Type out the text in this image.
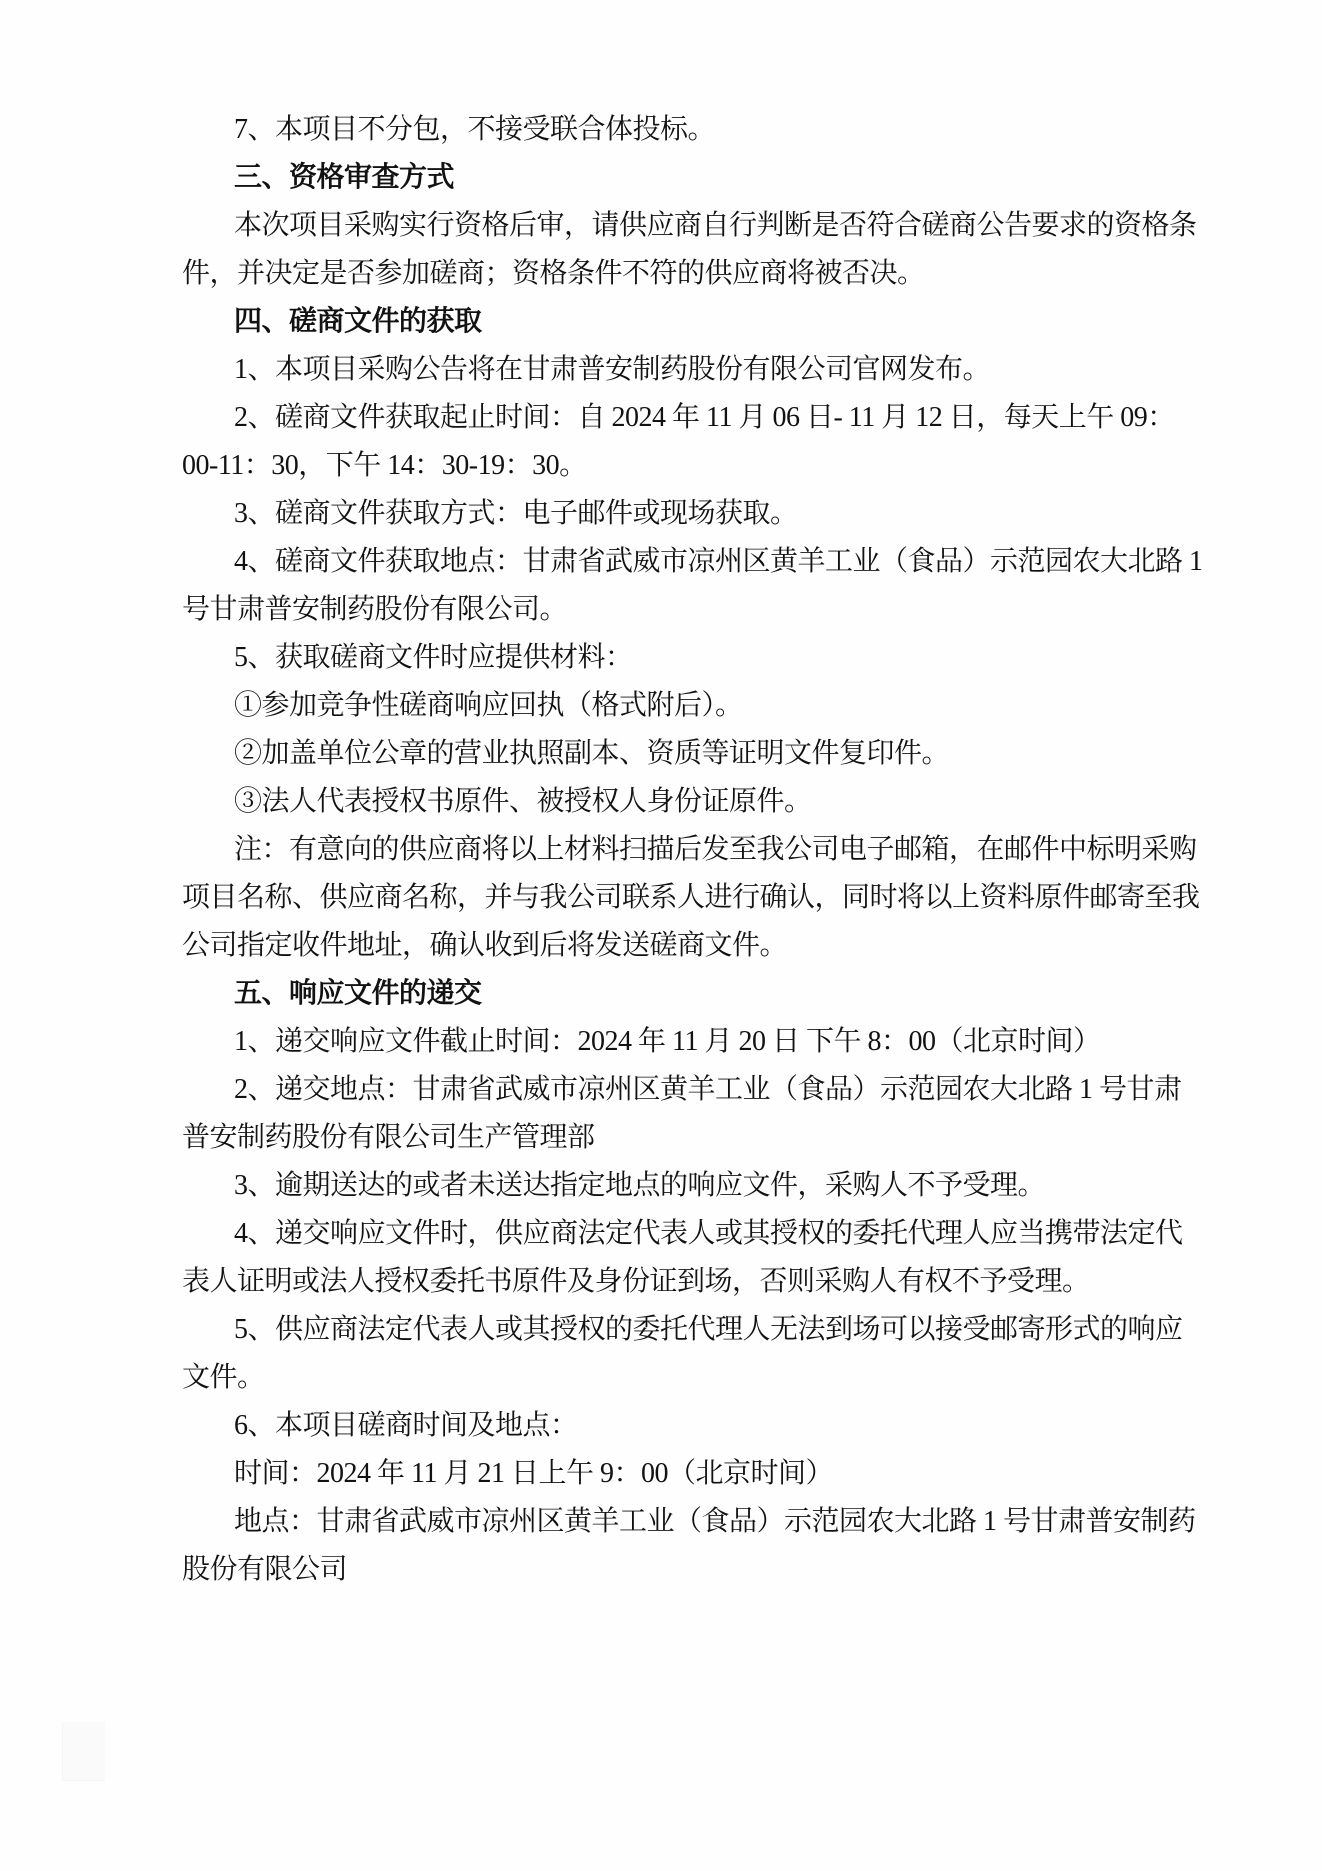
7、本项目不分包，不接受联合体投标。
三、资格审查方式
本次项目采购实行资格后审，请供应商自行判断是否符合磋商公告要求的资格条
件，并决定是否参加磋商；资格条件不符的供应商将被否决。
四、磋商文件的获取
1、本项目采购公告将在甘肃普安制药股份有限公司官网发布。
2、磋商文件获取起止时间：自 2024 年 11 月 06 日- 11 月 12 日，每天上午 09：
00-11：30，下午 14：30-19：30。
3、磋商文件获取方式：电子邮件或现场获取。
4、磋商文件获取地点：甘肃省武威市凉州区黄羊工业（食品）示范园农大北路 1
号甘肃普安制药股份有限公司。
5、获取磋商文件时应提供材料：
①参加竞争性磋商响应回执（格式附后）。
②加盖单位公章的营业执照副本、资质等证明文件复印件。
③法人代表授权书原件、被授权人身份证原件。
注：有意向的供应商将以上材料扫描后发至我公司电子邮箱，在邮件中标明采购
项目名称、供应商名称，并与我公司联系人进行确认，同时将以上资料原件邮寄至我
公司指定收件地址，确认收到后将发送磋商文件。
五、响应文件的递交
1、递交响应文件截止时间：2024 年 11 月 20 日 下午 8：00（北京时间）
2、递交地点：甘肃省武威市凉州区黄羊工业（食品）示范园农大北路 1 号甘肃
普安制药股份有限公司生产管理部
3、逾期送达的或者未送达指定地点的响应文件，采购人不予受理。
4、递交响应文件时，供应商法定代表人或其授权的委托代理人应当携带法定代
表人证明或法人授权委托书原件及身份证到场，否则采购人有权不予受理。
5、供应商法定代表人或其授权的委托代理人无法到场可以接受邮寄形式的响应
文件。
6、本项目磋商时间及地点：
时间：2024 年 11 月 21 日上午 9：00（北京时间）
地点：甘肃省武威市凉州区黄羊工业（食品）示范园农大北路 1 号甘肃普安制药
股份有限公司
